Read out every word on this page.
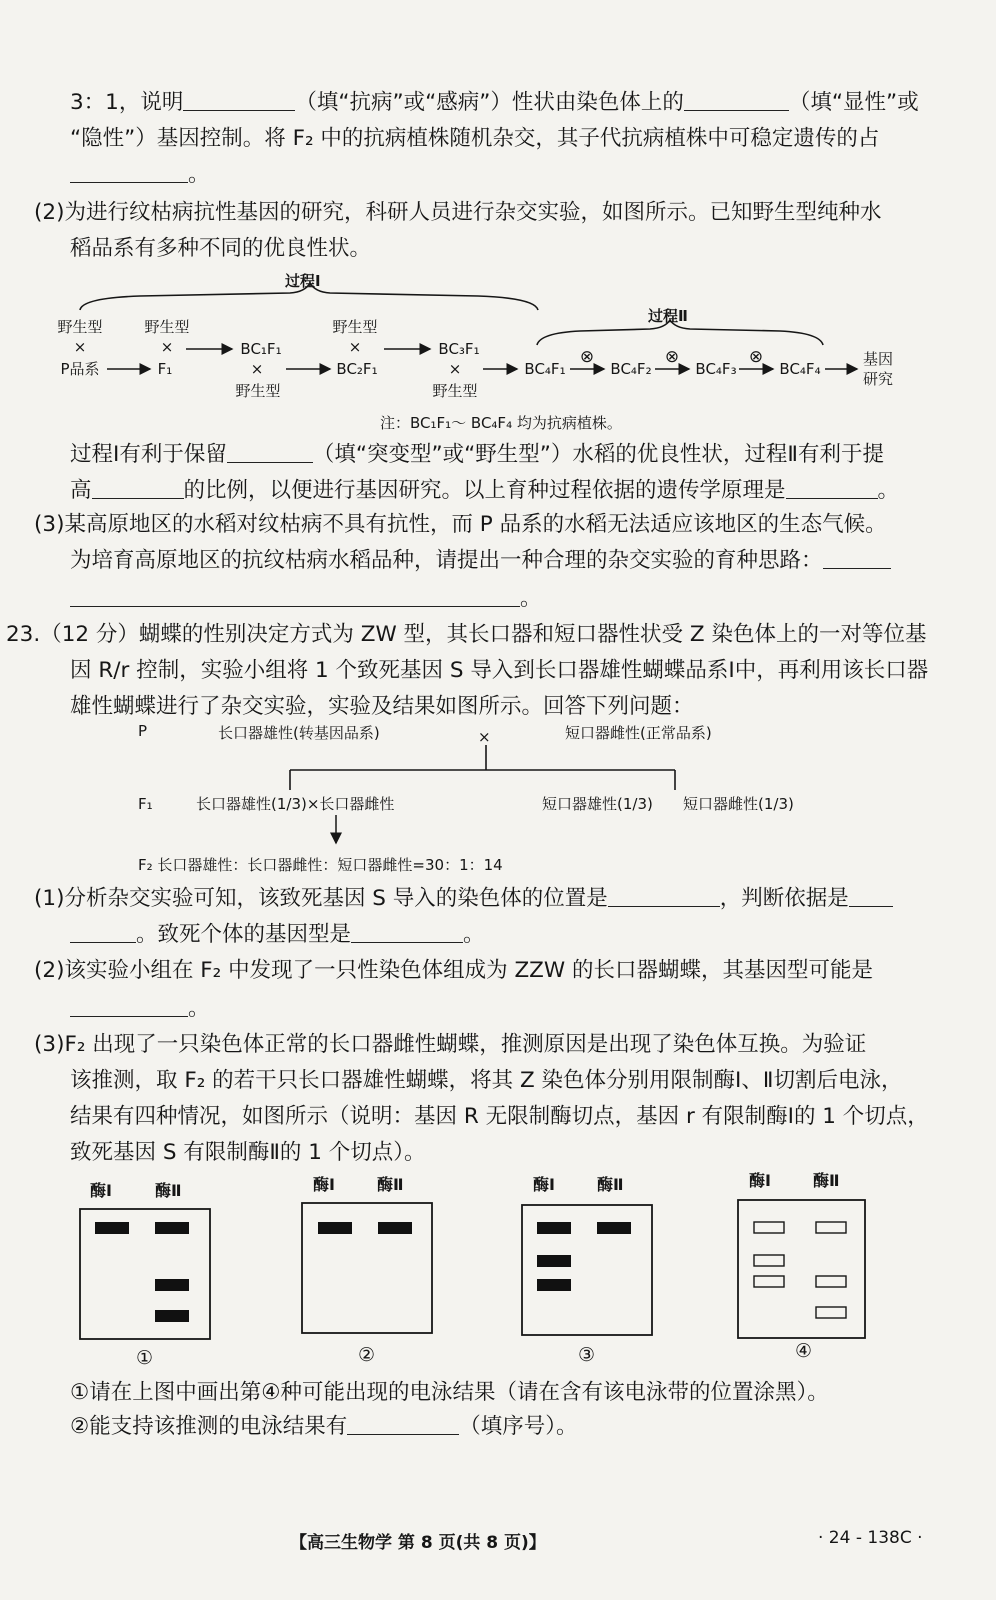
3：1，说明	（填“抗病”或“感病”）性状由染色体上的	（填“显性”或
“隐性”）基因控制。将 F₂ 中的抗病植株随机杂交，其子代抗病植株中可稳定遗传的占
。
(2)为进行纹枯病抗性基因的研究，科研人员进行杂交实验，如图所示。已知野生型纯种水
稻品系有多种不同的优良性状。
过程Ⅰ
过程Ⅱ
野生型
×
P品系
野生型
×
F₁
BC₁F₁
×
野生型
BC₂F₁
野生型
×	BC₃F₁
×
野生型
BC₄F₁
⊗
BC₄F₂
⊗
BC₄F₃
⊗
BC₄F₄
基因
研究
注：BC₁F₁～ BC₄F₄ 均为抗病植株。
过程Ⅰ有利于保留	（填“突变型”或“野生型”）水稻的优良性状，过程Ⅱ有利于提
高	的比例，以便进行基因研究。以上育种过程依据的遗传学原理是	。
(3)某高原地区的水稻对纹枯病不具有抗性，而 P 品系的水稻无法适应该地区的生态气候。
为培育高原地区的抗纹枯病水稻品种，请提出一种合理的杂交实验的育种思路：
。
23.（12 分）蝴蝶的性别决定方式为 ZW 型，其长口器和短口器性状受 Z 染色体上的一对等位基
因 R/r 控制，实验小组将 1 个致死基因 S 导入到长口器雄性蝴蝶品系Ⅰ中，再利用该长口器
雄性蝴蝶进行了杂交实验，实验及结果如图所示。回答下列问题：
P	长口器雄性(转基因品系)	×	短口器雌性(正常品系)
F₁	长口器雄性(1/3)×长口器雌性	短口器雄性(1/3) 短口器雌性(1/3)
F₂ 长口器雄性：长口器雌性：短口器雌性=30：1：14
(1)分析杂交实验可知，该致死基因 S 导入的染色体的位置是	，判断依据是
。致死个体的基因型是	。
(2)该实验小组在 F₂ 中发现了一只性染色体组成为 ZZW 的长口器蝴蝶，其基因型可能是
。
(3)F₂ 出现了一只染色体正常的长口器雌性蝴蝶，推测原因是出现了染色体互换。为验证
该推测，取 F₂ 的若干只长口器雄性蝴蝶，将其 Z 染色体分别用限制酶Ⅰ、Ⅱ切割后电泳，
结果有四种情况，如图所示（说明：基因 R 无限制酶切点，基因 r 有限制酶Ⅰ的 1 个切点，
致死基因 S 有限制酶Ⅱ的 1 个切点）。
酶Ⅰ	酶Ⅱ	酶Ⅰ	酶Ⅱ	酶Ⅰ	酶Ⅱ	酶Ⅰ	酶Ⅱ
①	②	③	④
①请在上图中画出第④种可能出现的电泳结果（请在含有该电泳带的位置涂黑）。
②能支持该推测的电泳结果有	（填序号）。
【高三生物学 第 8 页(共 8 页)】	· 24 - 138C ·
